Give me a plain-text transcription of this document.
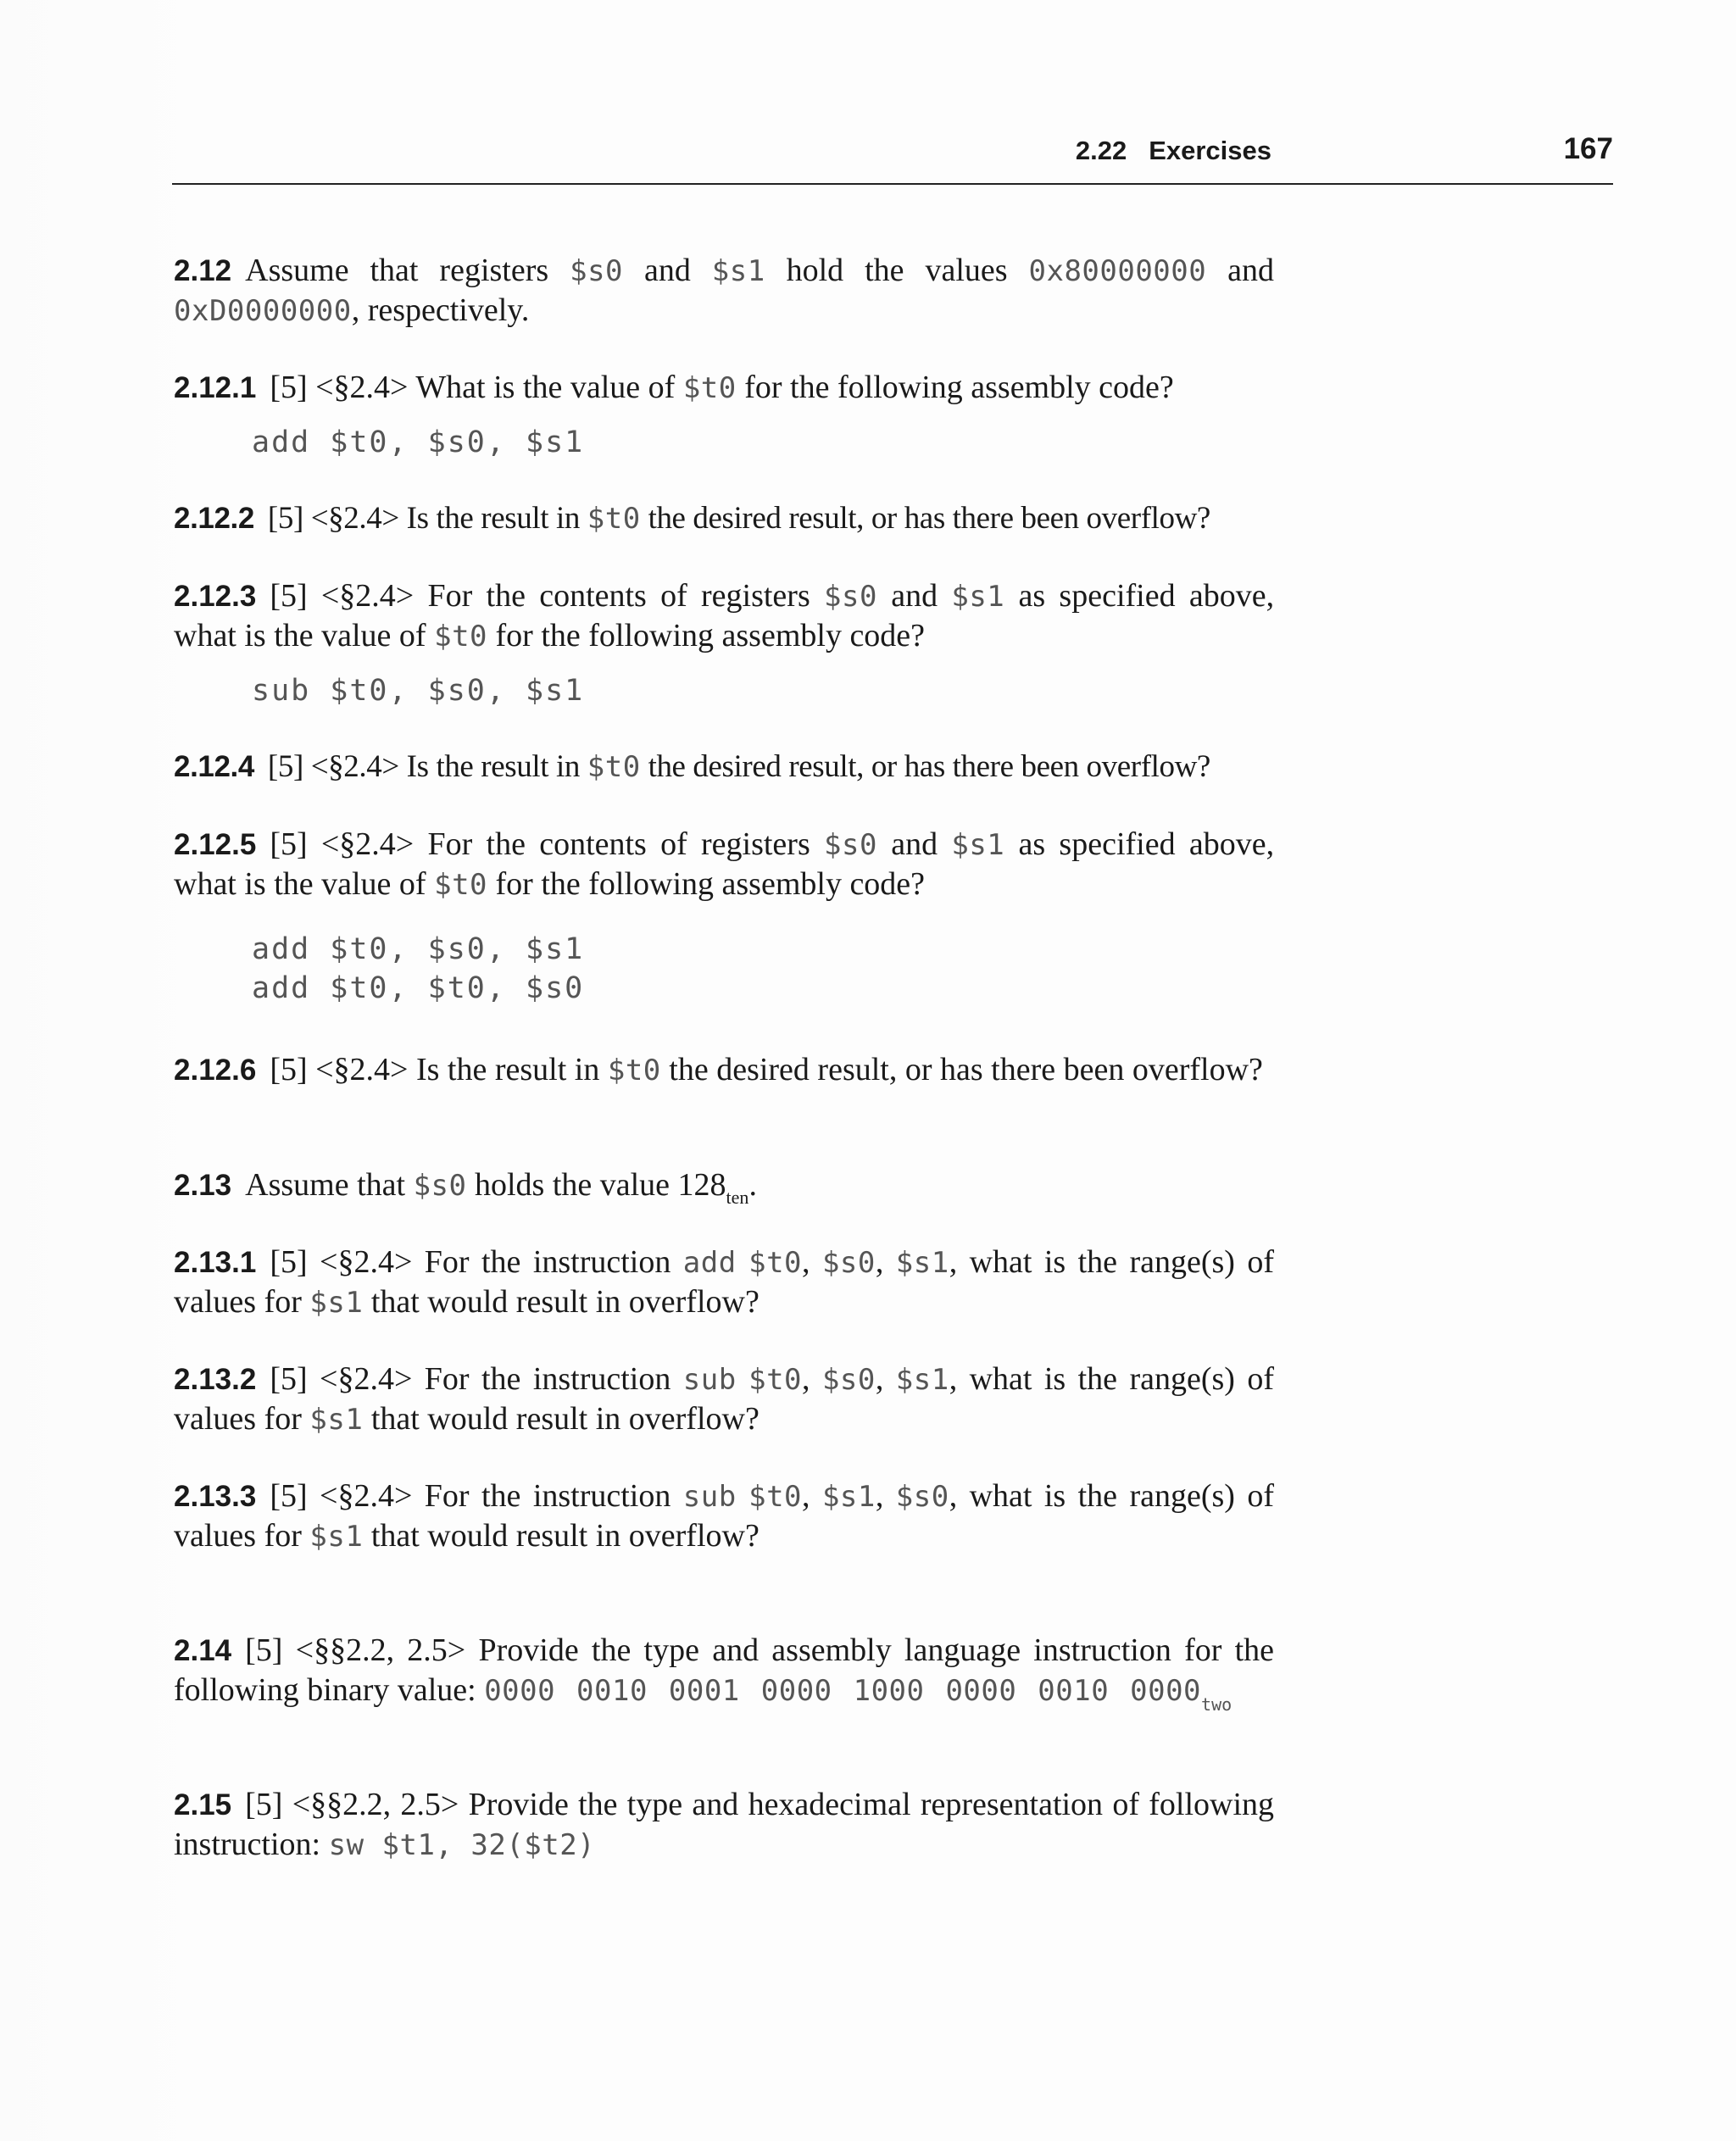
2.22 Exercises	167

2.12 Assume that registers $s0 and $s1 hold the values 0x80000000 and 0xD0000000, respectively.

2.12.1 [5] <§2.4> What is the value of $t0 for the following assembly code?

add $t0, $s0, $s1

2.12.2 [5] <§2.4> Is the result in $t0 the desired result, or has there been overflow?

2.12.3 [5] <§2.4> For the contents of registers $s0 and $s1 as specified above, what is the value of $t0 for the following assembly code?

sub $t0, $s0, $s1

2.12.4 [5] <§2.4> Is the result in $t0 the desired result, or has there been overflow?

2.12.5 [5] <§2.4> For the contents of registers $s0 and $s1 as specified above, what is the value of $t0 for the following assembly code?

add $t0, $s0, $s1
add $t0, $t0, $s0

2.12.6 [5] <§2.4> Is the result in $t0 the desired result, or has there been overflow?

2.13 Assume that $s0 holds the value $128_{ten}$.

2.13.1 [5] <§2.4> For the instruction add $t0, $s0, $s1, what is the range(s) of values for $s1 that would result in overflow?

2.13.2 [5] <§2.4> For the instruction sub $t0, $s0, $s1, what is the range(s) of values for $s1 that would result in overflow?

2.13.3 [5] <§2.4> For the instruction sub $t0, $s1, $s0, what is the range(s) of values for $s1 that would result in overflow?

2.14 [5] <§§2.2, 2.5> Provide the type and assembly language instruction for the following binary value: 0000 0010 0001 0000 1000 0000 0010 $0000_{two}$

2.15 [5] <§§2.2, 2.5> Provide the type and hexadecimal representation of following instruction: sw $t1, 32($t2)
